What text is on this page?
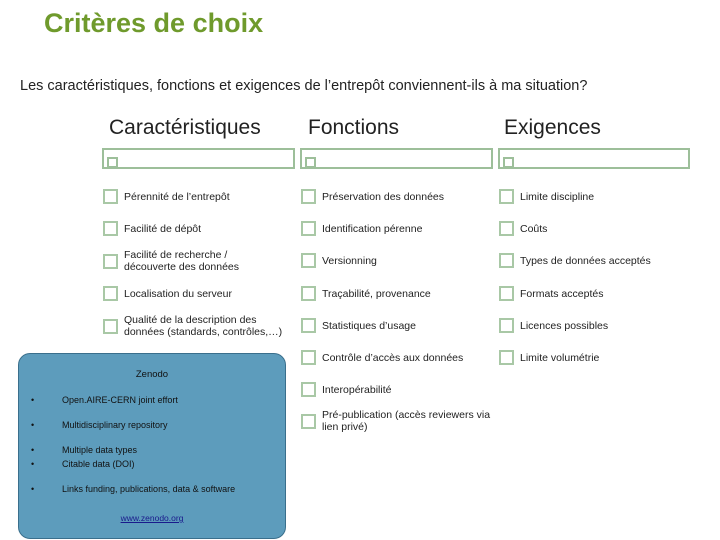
Critères de choix
Les caractéristiques, fonctions et exigences de l’entrepôt conviennent-ils à ma situation?
Caractéristiques Fonctions	Exigences
Pérennité de l’entrepôt
Facilité de dépôt
Facilité de recherche / découverte des données
Localisation du serveur
Qualité de la description des données (standards, contrôles,…)
Préservation des données
Identification pérenne
Versionning
Traçabilité, provenance
Statistiques d’usage
Contrôle d’accès aux données
Interopérabilité
Pré-publication (accès reviewers via lien privé)
Limite discipline
Coûts
Types de données acceptés
Formats acceptés
Licences possibles
Limite volumétrie
Zenodo
•	Open.AIRE-CERN joint effort
•	Multidisciplinary repository
•	Multiple data types
•	Citable data (DOI)
•	Links funding, publications, data & software
www.zenodo.org
